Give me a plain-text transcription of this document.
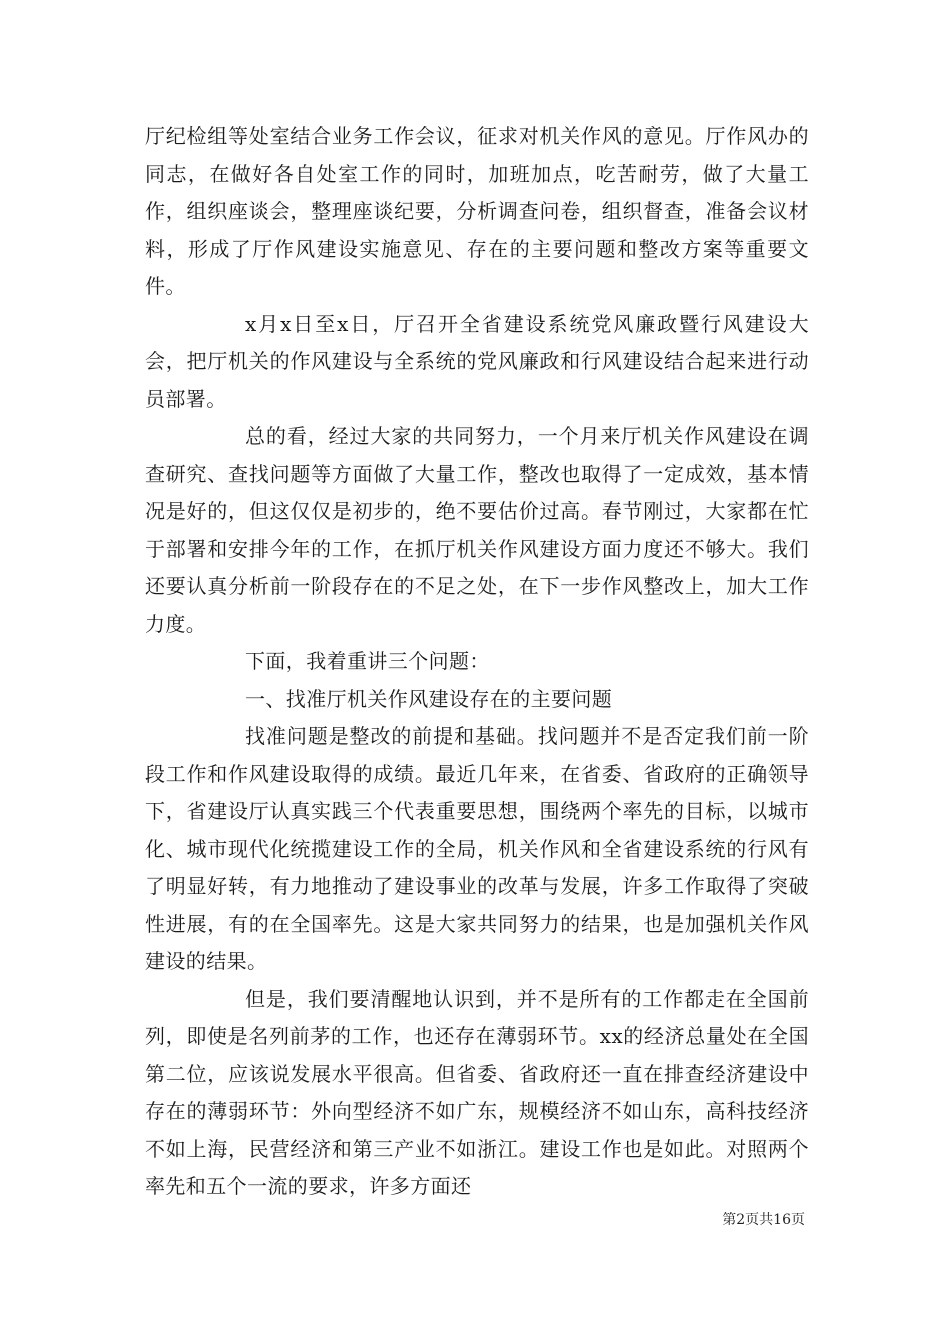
厅纪检组等处室结合业务工作会议，征求对机关作风的意见。厅作风办的同志，在做好各自处室工作的同时，加班加点，吃苦耐劳，做了大量工作，组织座谈会，整理座谈纪要，分析调查问卷，组织督查，准备会议材料，形成了厅作风建设实施意见、存在的主要问题和整改方案等重要文件。

x月x日至x日，厅召开全省建设系统党风廉政暨行风建设大会，把厅机关的作风建设与全系统的党风廉政和行风建设结合起来进行动员部署。

总的看，经过大家的共同努力，一个月来厅机关作风建设在调查研究、查找问题等方面做了大量工作，整改也取得了一定成效，基本情况是好的，但这仅仅是初步的，绝不要估价过高。春节刚过，大家都在忙于部署和安排今年的工作，在抓厅机关作风建设方面力度还不够大。我们还要认真分析前一阶段存在的不足之处，在下一步作风整改上，加大工作力度。

下面，我着重讲三个问题：

一、找准厅机关作风建设存在的主要问题

找准问题是整改的前提和基础。找问题并不是否定我们前一阶段工作和作风建设取得的成绩。最近几年来，在省委、省政府的正确领导下，省建设厅认真实践三个代表重要思想，围绕两个率先的目标，以城市化、城市现代化统揽建设工作的全局，机关作风和全省建设系统的行风有了明显好转，有力地推动了建设事业的改革与发展，许多工作取得了突破性进展，有的在全国率先。这是大家共同努力的结果，也是加强机关作风建设的结果。

但是，我们要清醒地认识到，并不是所有的工作都走在全国前列，即使是名列前茅的工作，也还存在薄弱环节。xx的经济总量处在全国第二位，应该说发展水平很高。但省委、省政府还一直在排查经济建设中存在的薄弱环节：外向型经济不如广东，规模经济不如山东，高科技经济不如上海，民营经济和第三产业不如浙江。建设工作也是如此。对照两个率先和五个一流的要求，许多方面还

第2页共16页
